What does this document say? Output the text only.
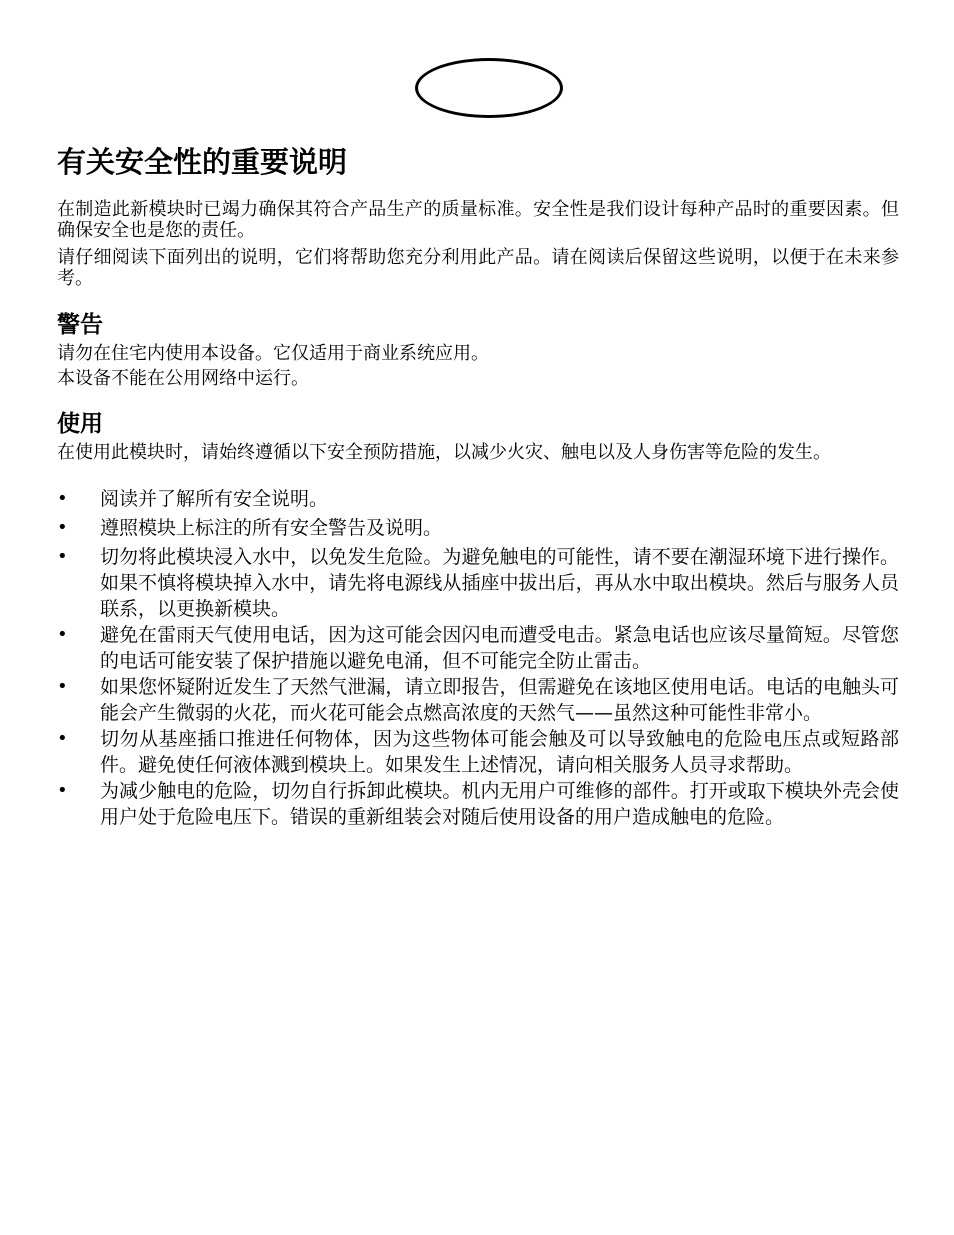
有关安全性的重要说明

在制造此新模块时已竭力确保其符合产品生产的质量标准。安全性是我们设计每种产品时的重要因素。但确保安全也是您的责任。

请仔细阅读下面列出的说明，它们将帮助您充分利用此产品。请在阅读后保留这些说明，以便于在未来参考。

警告

请勿在住宅内使用本设备。它仅适用于商业系统应用。

本设备不能在公用网络中运行。

使用

在使用此模块时，请始终遵循以下安全预防措施，以减少火灾、触电以及人身伤害等危险的发生。

• 阅读并了解所有安全说明。
• 遵照模块上标注的所有安全警告及说明。
• 切勿将此模块浸入水中，以免发生危险。为避免触电的可能性，请不要在潮湿环境下进行操作。如果不慎将模块掉入水中，请先将电源线从插座中拔出后，再从水中取出模块。然后与服务人员联系，以更换新模块。
• 避免在雷雨天气使用电话，因为这可能会因闪电而遭受电击。紧急电话也应该尽量简短。尽管您的电话可能安装了保护措施以避免电涌，但不可能完全防止雷击。
• 如果您怀疑附近发生了天然气泄漏，请立即报告，但需避免在该地区使用电话。电话的电触头可能会产生微弱的火花，而火花可能会点燃高浓度的天然气——虽然这种可能性非常小。
• 切勿从基座插口推进任何物体，因为这些物体可能会触及可以导致触电的危险电压点或短路部件。避免使任何液体溅到模块上。如果发生上述情况，请向相关服务人员寻求帮助。
• 为减少触电的危险，切勿自行拆卸此模块。机内无用户可维修的部件。打开或取下模块外壳会使用户处于危险电压下。错误的重新组装会对随后使用设备的用户造成触电的危险。
